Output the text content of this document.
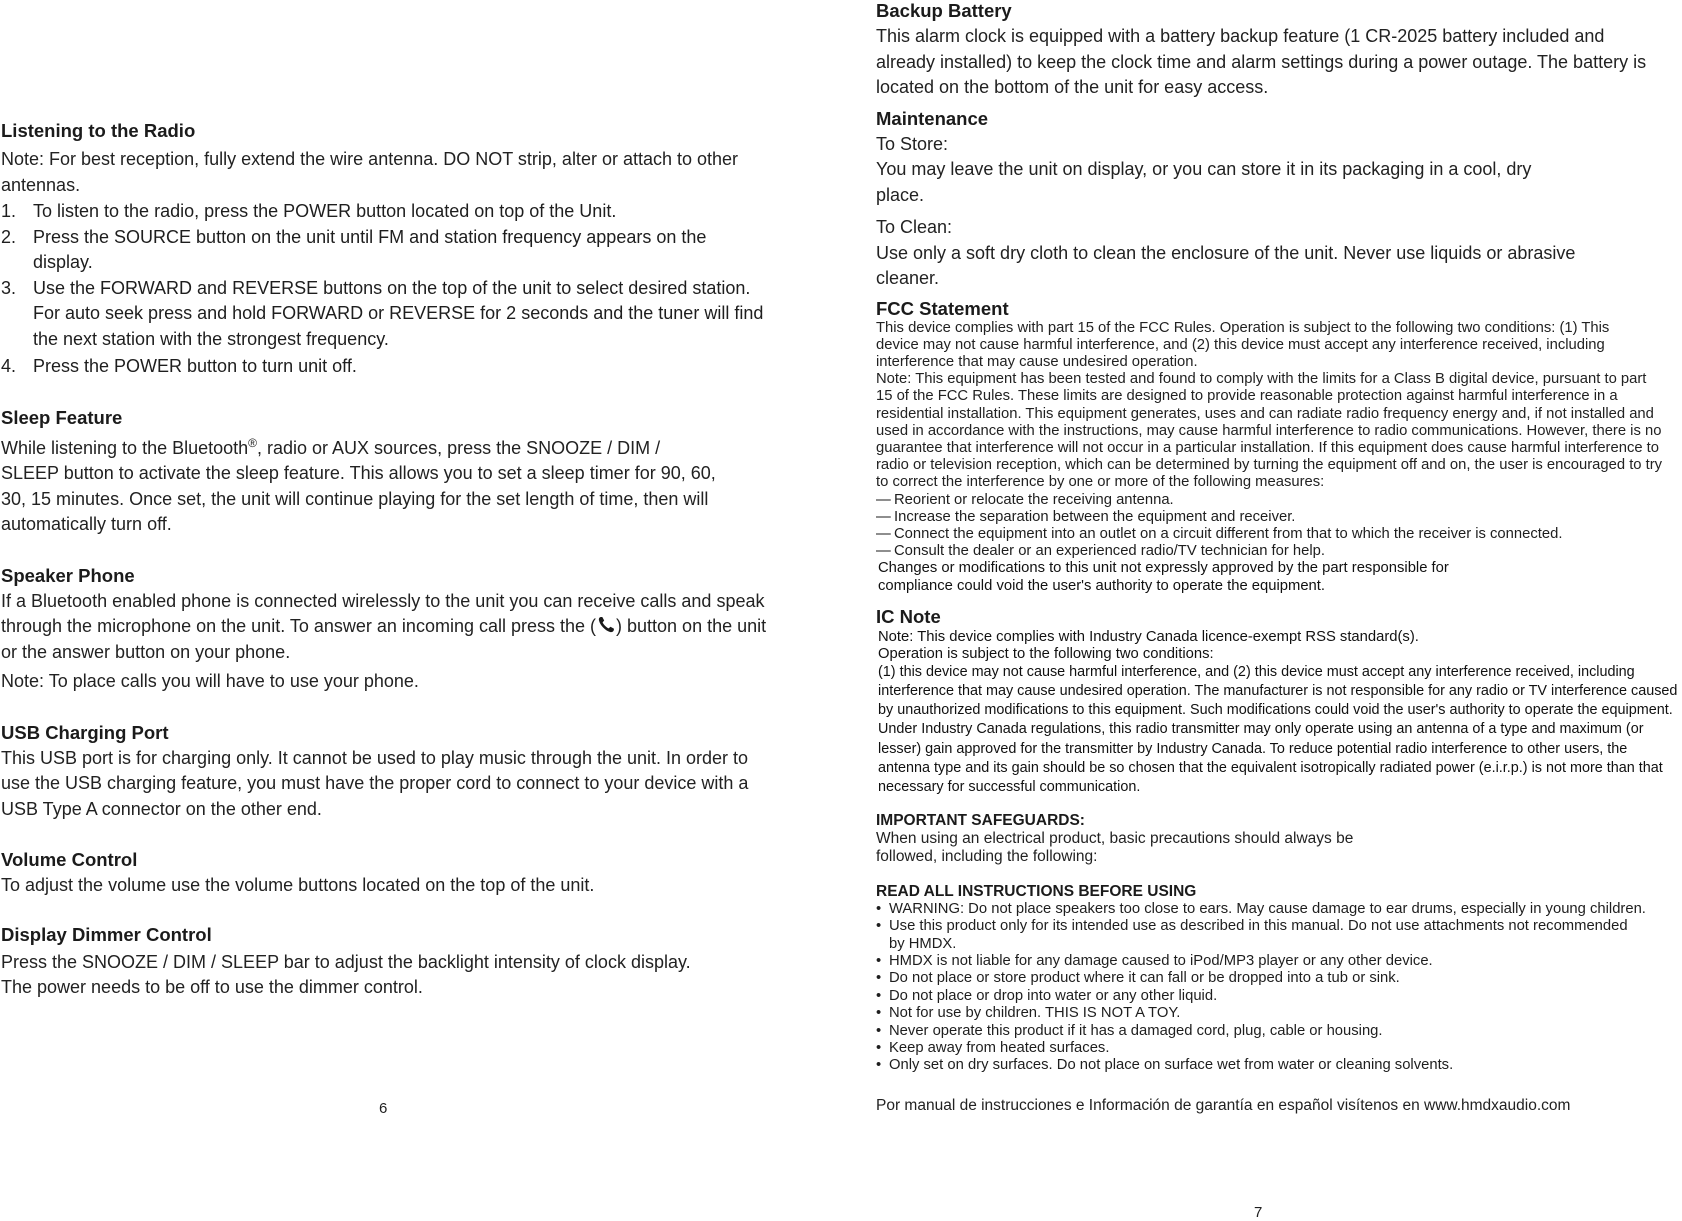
Listening to the Radio

Note: For best reception, fully extend the wire antenna. DO NOT strip, alter or attach to other antennas.

1. To listen to the radio, press the POWER button located on top of the Unit.
2. Press the SOURCE button on the unit until FM and station frequency appears on the display.
3. Use the FORWARD and REVERSE buttons on the top of the unit to select desired station. For auto seek press and hold FORWARD or REVERSE for 2 seconds and the tuner will find the next station with the strongest frequency.
4. Press the POWER button to turn unit off.
Sleep Feature

While listening to the Bluetooth®, radio or AUX sources, press the SNOOZE / DIM / SLEEP button to activate the sleep feature. This allows you to set a sleep timer for 90, 60, 30, 15 minutes. Once set, the unit will continue playing for the set length of time, then will automatically turn off.

Speaker Phone

If a Bluetooth enabled phone is connected wirelessly to the unit you can receive calls and speak through the microphone on the unit. To answer an incoming call press the ( ) button on the unit or the answer button on your phone.

Note: To place calls you will have to use your phone.

USB Charging Port

This USB port is for charging only. It cannot be used to play music through the unit. In order to use the USB charging feature, you must have the proper cord to connect to your device with a USB Type A connector on the other end.

Volume Control

To adjust the volume use the volume buttons located on the top of the unit.

Display Dimmer Control

Press the SNOOZE / DIM / SLEEP bar to adjust the backlight intensity of clock display. The power needs to be off to use the dimmer control.

6
Backup Battery

This alarm clock is equipped with a battery backup feature (1 CR-2025 battery included and already installed) to keep the clock time and alarm settings during a power outage. The battery is located on the bottom of the unit for easy access.

Maintenance

To Store:

You may leave the unit on display, or you can store it in its packaging in a cool, dry place.

To Clean:

Use only a soft dry cloth to clean the enclosure of the unit. Never use liquids or abrasive cleaner.

FCC Statement

This device complies with part 15 of the FCC Rules. Operation is subject to the following two conditions: (1) This device may not cause harmful interference, and (2) this device must accept any interference received, including interference that may cause undesired operation.

Note: This equipment has been tested and found to comply with the limits for a Class B digital device, pursuant to part 15 of the FCC Rules. These limits are designed to provide reasonable protection against harmful interference in a residential installation. This equipment generates, uses and can radiate radio frequency energy and, if not installed and used in accordance with the instructions, may cause harmful interference to radio communications. However, there is no guarantee that interference will not occur in a particular installation. If this equipment does cause harmful interference to radio or television reception, which can be determined by turning the equipment off and on, the user is encouraged to try to correct the interference by one or more of the following measures:

— Reorient or relocate the receiving antenna.
— Increase the separation between the equipment and receiver.
— Connect the equipment into an outlet on a circuit different from that to which the receiver is connected.
— Consult the dealer or an experienced radio/TV technician for help.

Changes or modifications to this unit not expressly approved by the part responsible for compliance could void the user's authority to operate the equipment.

IC Note

Note: This device complies with Industry Canada licence-exempt RSS standard(s).

Operation is subject to the following two conditions:

(1) this device may not cause harmful interference, and (2) this device must accept any interference received, including interference that may cause undesired operation. The manufacturer is not responsible for any radio or TV interference caused by unauthorized modifications to this equipment. Such modifications could void the user's authority to operate the equipment. Under Industry Canada regulations, this radio transmitter may only operate using an antenna of a type and maximum (or lesser) gain approved for the transmitter by Industry Canada. To reduce potential radio interference to other users, the antenna type and its gain should be so chosen that the equivalent isotropically radiated power (e.i.r.p.) is not more than that necessary for successful communication.

IMPORTANT SAFEGUARDS:

When using an electrical product, basic precautions should always be followed, including the following:

READ ALL INSTRUCTIONS BEFORE USING
• WARNING: Do not place speakers too close to ears. May cause damage to ear drums, especially in young children.
• Use this product only for its intended use as described in this manual. Do not use attachments not recommended by HMDX.
• HMDX is not liable for any damage caused to iPod/MP3 player or any other device.
• Do not place or store product where it can fall or be dropped into a tub or sink.
• Do not place or drop into water or any other liquid.
• Not for use by children. THIS IS NOT A TOY.
• Never operate this product if it has a damaged cord, plug, cable or housing.
• Keep away from heated surfaces.
• Only set on dry surfaces. Do not place on surface wet from water or cleaning solvents.

Por manual de instrucciones e Información de garantía en español visítenos en www.hmdxaudio.com

7
